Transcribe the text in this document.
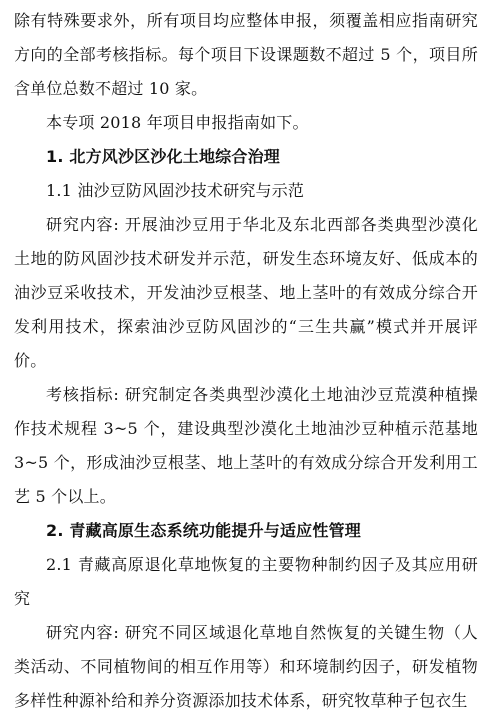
除有特殊要求外，所有项目均应整体申报，须覆盖相应指南研究方向的全部考核指标。每个项目下设课题数不超过 5 个，项目所含单位总数不超过 10 家。

本专项 2018 年项目申报指南如下。

1. 北方风沙区沙化土地综合治理

1.1 油沙豆防风固沙技术研究与示范

研究内容: 开展油沙豆用于华北及东北西部各类典型沙漠化土地的防风固沙技术研发并示范，研发生态环境友好、低成本的油沙豆采收技术，开发油沙豆根茎、地上茎叶的有效成分综合开发利用技术，探索油沙豆防风固沙的“三生共赢”模式并开展评价。

考核指标: 研究制定各类典型沙漠化土地油沙豆荒漠种植操作技术规程 3~5 个，建设典型沙漠化土地油沙豆种植示范基地 3~5 个，形成油沙豆根茎、地上茎叶的有效成分综合开发利用工艺 5 个以上。

2. 青藏高原生态系统功能提升与适应性管理

2.1 青藏高原退化草地恢复的主要物种制约因子及其应用研究

研究内容: 研究不同区域退化草地自然恢复的关键生物（人类活动、不同植物间的相互作用等）和环境制约因子，研发植物多样性种源补给和养分资源添加技术体系，研究牧草种子包衣生
